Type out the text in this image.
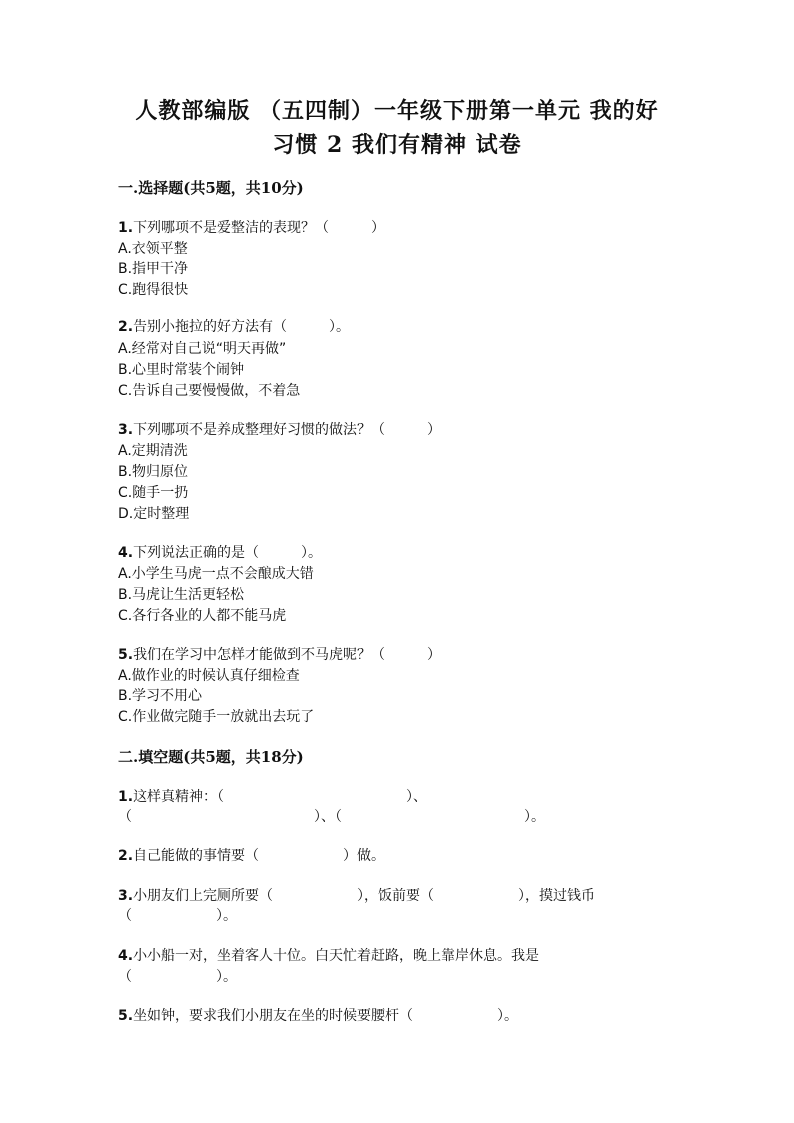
人教部编版 （五四制）一年级下册第一单元 我的好
习惯 2 我们有精神 试卷
一.选择题(共5题，共10分)
1.下列哪项不是爱整洁的表现？（　　　）
A.衣领平整
B.指甲干净
C.跑得很快
2.告别小拖拉的好方法有（　　　）。
A.经常对自己说“明天再做”
B.心里时常装个闹钟
C.告诉自己要慢慢做，不着急
3.下列哪项不是养成整理好习惯的做法？（　　　）
A.定期清洗
B.物归原位
C.随手一扔
D.定时整理
4.下列说法正确的是（　　　）。
A.小学生马虎一点不会酿成大错
B.马虎让生活更轻松
C.各行各业的人都不能马虎
5.我们在学习中怎样才能做到不马虎呢？（　　　）
A.做作业的时候认真仔细检查
B.学习不用心
C.作业做完随手一放就出去玩了
二.填空题(共5题，共18分)
1.这样真精神：（　　　　　　　　　　　　　）、
（　　　　　　　　　　　　　）、（　　　　　　　　　　　　　）。
2.自己能做的事情要（　　　　　　）做。
3.小朋友们上完厕所要（　　　　　　），饭前要（　　　　　　），摸过钱币
（　　　　　　）。
4.小小船一对，坐着客人十位。白天忙着赶路，晚上靠岸休息。我是
（　　　　　　）。
5.坐如钟，要求我们小朋友在坐的时候要腰杆（　　　　　　）。
